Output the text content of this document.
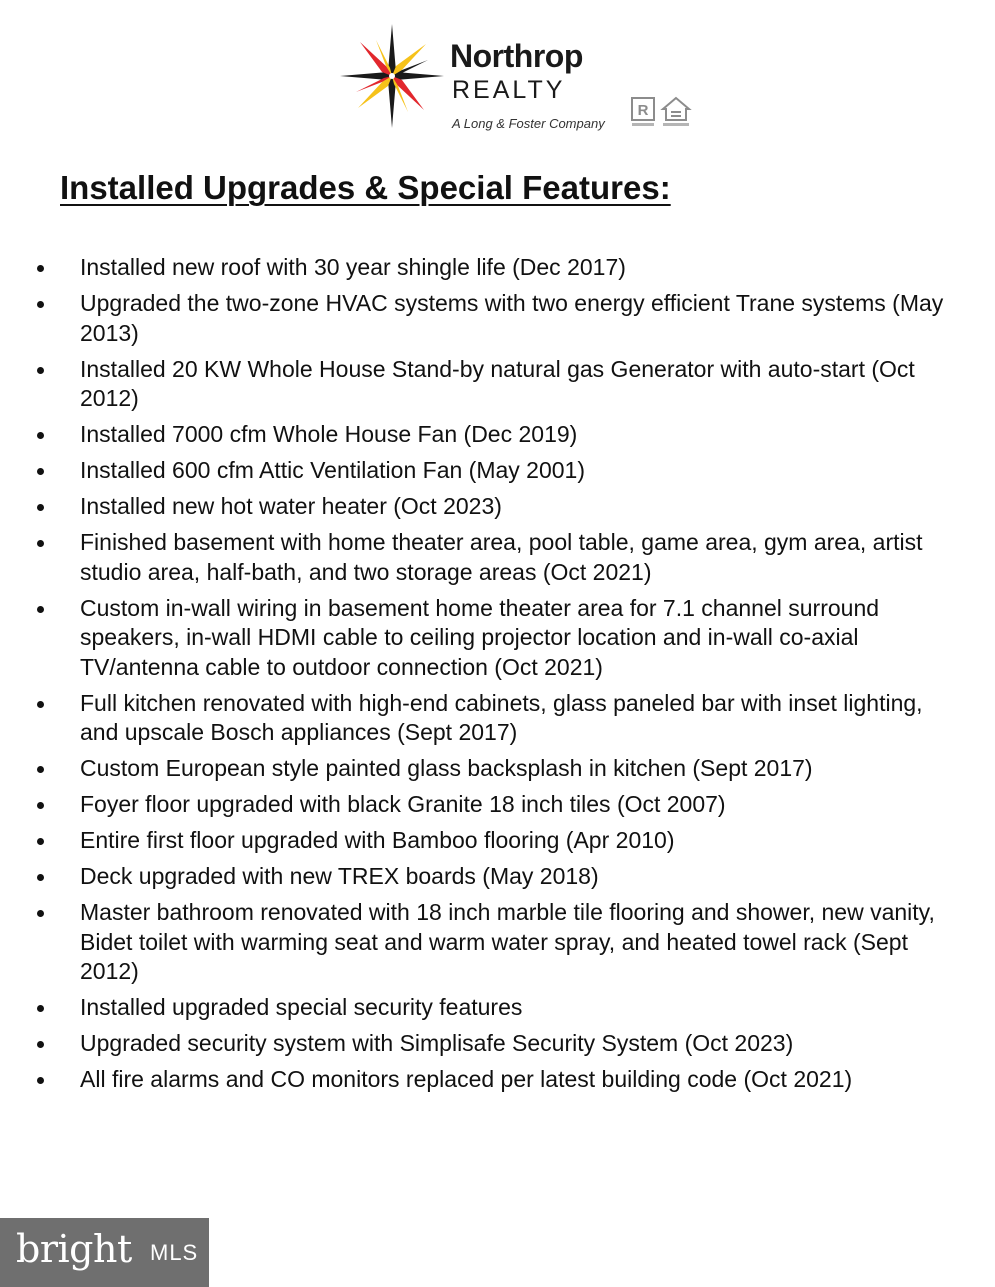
Northrop
REALTY
A Long & Foster Company
R
Installed Upgrades & Special Features:
Installed new roof with 30 year shingle life (Dec 2017)
Upgraded the two-zone HVAC systems with two energy efficient Trane systems (May 2013)
Installed 20 KW Whole House Stand-by natural gas Generator with auto-start (Oct 2012)
Installed 7000 cfm Whole House Fan (Dec 2019)
Installed 600 cfm Attic Ventilation Fan (May 2001)
Installed new hot water heater (Oct 2023)
Finished basement with home theater area, pool table, game area, gym area, artist studio area, half-bath, and two storage areas (Oct 2021)
Custom in-wall wiring in basement home theater area for 7.1 channel surround speakers, in-wall HDMI cable to ceiling projector location and in-wall co-axial TV/antenna cable to outdoor connection (Oct 2021)
Full kitchen renovated with high-end cabinets, glass paneled bar with inset lighting, and upscale Bosch appliances (Sept 2017)
Custom European style painted glass backsplash in kitchen (Sept 2017)
Foyer floor upgraded with black Granite 18 inch tiles (Oct 2007)
Entire first floor upgraded with Bamboo flooring (Apr 2010)
Deck upgraded with new TREX boards (May 2018)
Master bathroom renovated with 18 inch marble tile flooring and shower, new vanity, Bidet toilet with warming seat and warm water spray, and heated towel rack (Sept 2012)
Installed upgraded special security features
Upgraded security system with Simplisafe Security System (Oct 2023)
All fire alarms and CO monitors replaced per latest building code (Oct 2021)
bright MLS
